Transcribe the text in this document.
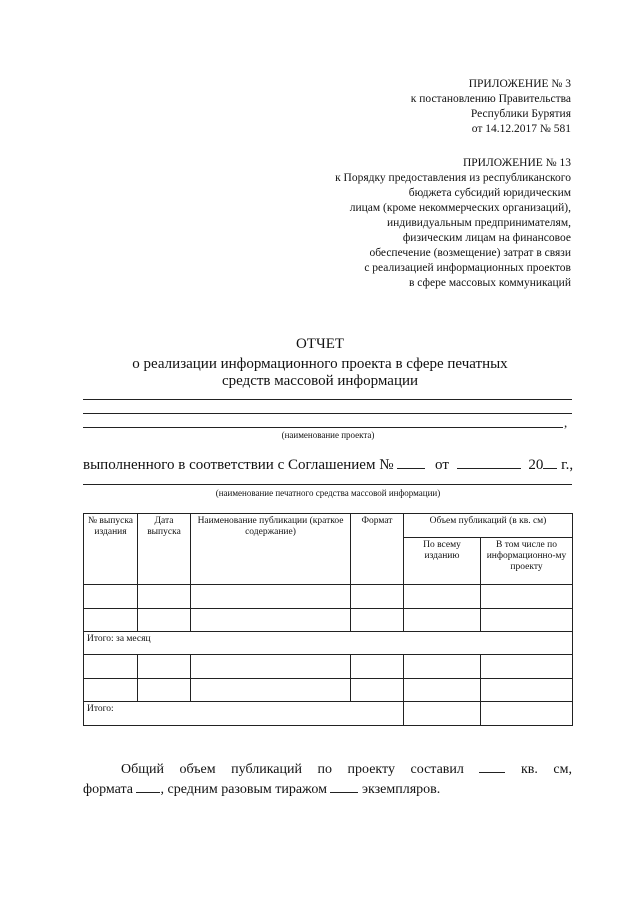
ПРИЛОЖЕНИЕ № 3
к постановлению Правительства
Республики Бурятия
от 14.12.2017 № 581
ПРИЛОЖЕНИЕ № 13
к Порядку предоставления из республиканского
бюджета субсидий юридическим
лицам (кроме некоммерческих организаций),
индивидуальным предпринимателям,
физическим лицам на финансовое
обеспечение (возмещение) затрат в связи
с реализацией информационных проектов
в сфере массовых коммуникаций
ОТЧЕТ
о реализации информационного проекта в сфере печатных
средств массовой информации
,
(наименование проекта)
выполненного в соответствии с Соглашением №	от	20 г.,
(наименование печатного средства массовой информации)
№ выпуска издания	Дата выпуска	Наименование публикации (краткое содержание)	Формат	Объем публикаций (в кв. см)	
				По всему изданию	В том числе по информационно-му проекту

Итого: за месяц					

Итого:					
Общий объем публикаций по проекту составил	кв. см,
формата , средним разовым тиражом	экземпляров.
